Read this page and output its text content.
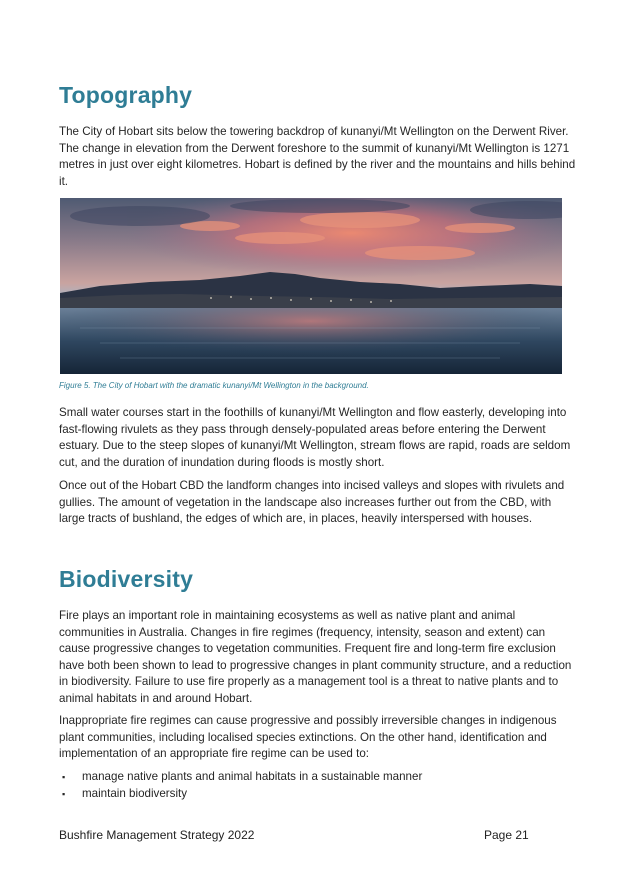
Topography

The City of Hobart sits below the towering backdrop of kunanyi/Mt Wellington on the Derwent River. The change in elevation from the Derwent foreshore to the summit of kunanyi/Mt Wellington is 1271 metres in just over eight kilometres. Hobart is defined by the river and the mountains and hills behind it.

Figure 5. The City of Hobart with the dramatic kunanyi/Mt Wellington in the background.

Small water courses start in the foothills of kunanyi/Mt Wellington and flow easterly, developing into fast-flowing rivulets as they pass through densely-populated areas before entering the Derwent estuary. Due to the steep slopes of kunanyi/Mt Wellington, stream flows are rapid, roads are seldom cut, and the duration of inundation during floods is mostly short.

Once out of the Hobart CBD the landform changes into incised valleys and slopes with rivulets and gullies. The amount of vegetation in the landscape also increases further out from the CBD, with large tracts of bushland, the edges of which are, in places, heavily interspersed with houses.

Biodiversity

Fire plays an important role in maintaining ecosystems as well as native plant and animal communities in Australia. Changes in fire regimes (frequency, intensity, season and extent) can cause progressive changes to vegetation communities. Frequent fire and long-term fire exclusion have both been shown to lead to progressive changes in plant community structure, and a reduction in biodiversity. Failure to use fire properly as a management tool is a threat to native plants and to animal habitats in and around Hobart.

Inappropriate fire regimes can cause progressive and possibly irreversible changes in indigenous plant communities, including localised species extinctions. On the other hand, identification and implementation of an appropriate fire regime can be used to:

▪ manage native plants and animal habitats in a sustainable manner
▪ maintain biodiversity

Bushfire Management Strategy 2022	Page 21
